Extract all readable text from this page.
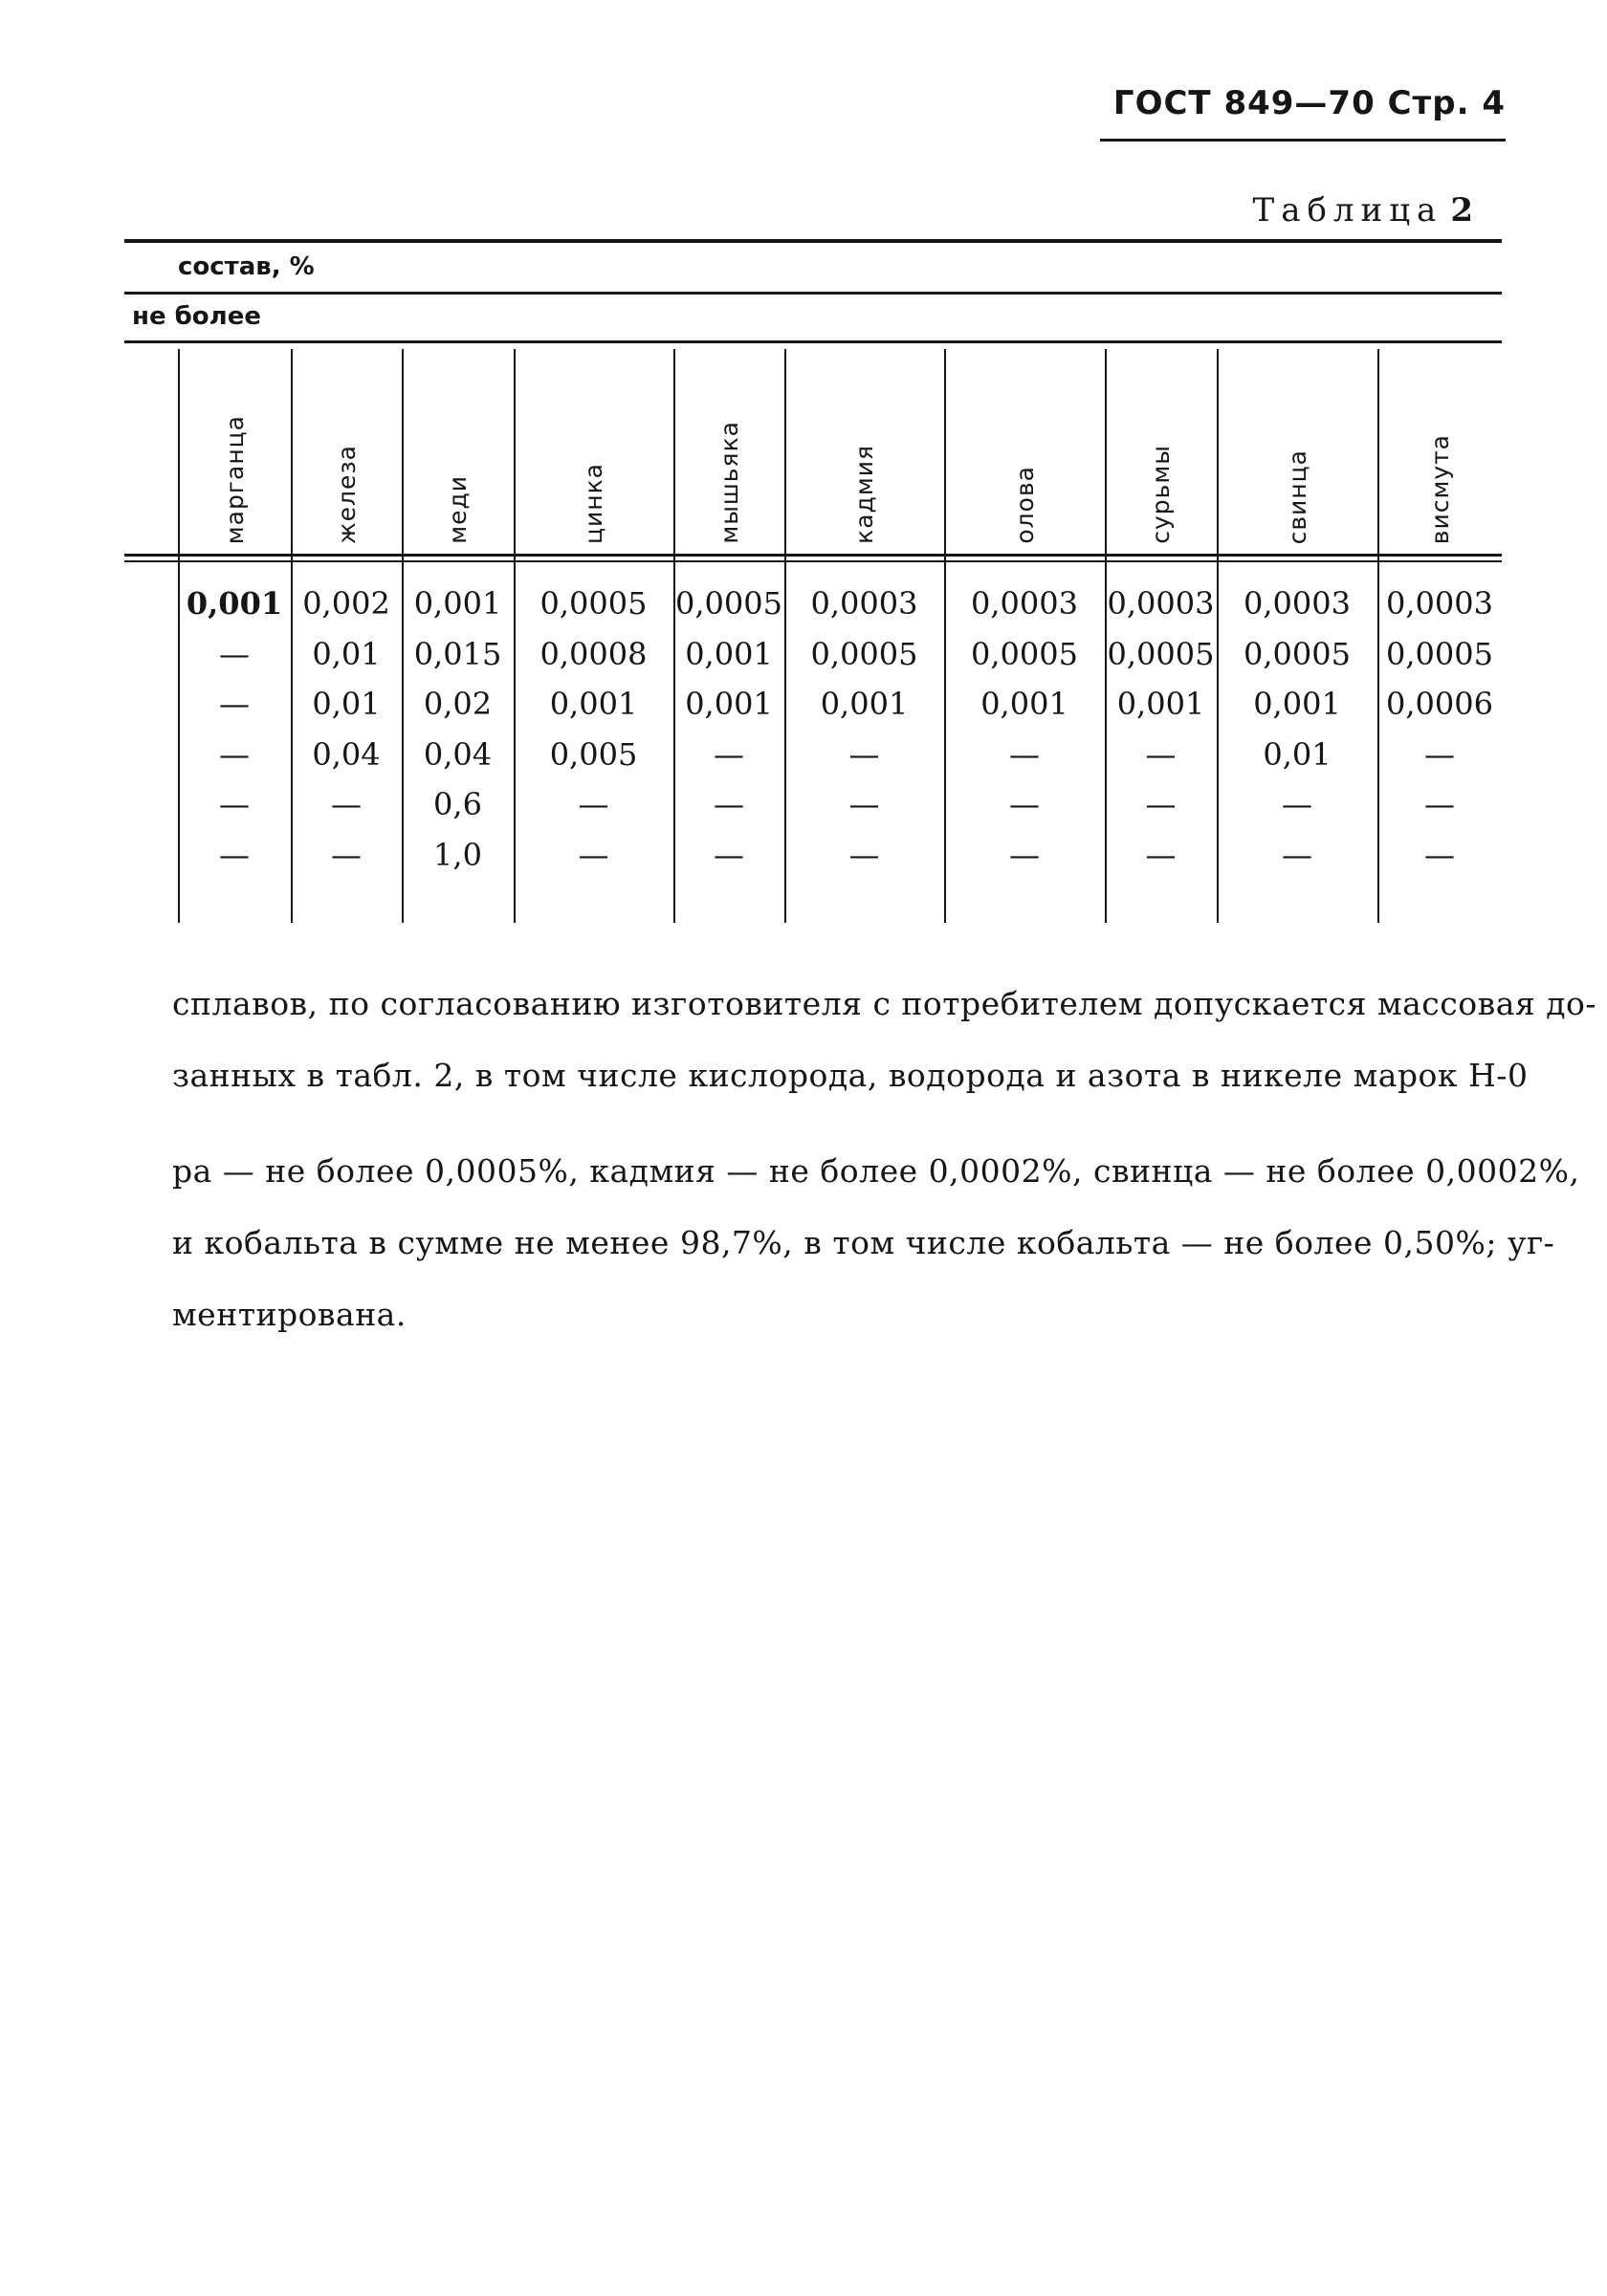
ГОСТ 849—70 Стр. 4
Таблица 2
состав, %
не более
марганца
0,001
—
—
—
—
—
железа
0,002
0,01
0,01
0,04
—
—
меди
0,001
0,015
0,02
0,04
0,6
1,0
цинка
0,0005
0,0008
0,001
0,005
—
—
мышьяка
0,0005
0,001
0,001
—
—
—
кадмия
0,0003
0,0005
0,001
—
—
—
олова
0,0003
0,0005
0,001
—
—
—
сурьмы
0,0003
0,0005
0,001
—
—
—
свинца
0,0003
0,0005
0,001
0,01
—
—
висмута
0,0003
0,0005
0,0006
—
—
—
сплавов, по согласованию изготовителя с потребителем допускается массовая до-
занных в табл. 2, в том числе кислорода, водорода и азота в никеле марок Н-0
ра — не более 0,0005%, кадмия — не более 0,0002%, свинца — не более 0,0002%,
и кобальта в сумме не менее 98,7%, в том числе кобальта — не более 0,50%; уг-
ментирована.
